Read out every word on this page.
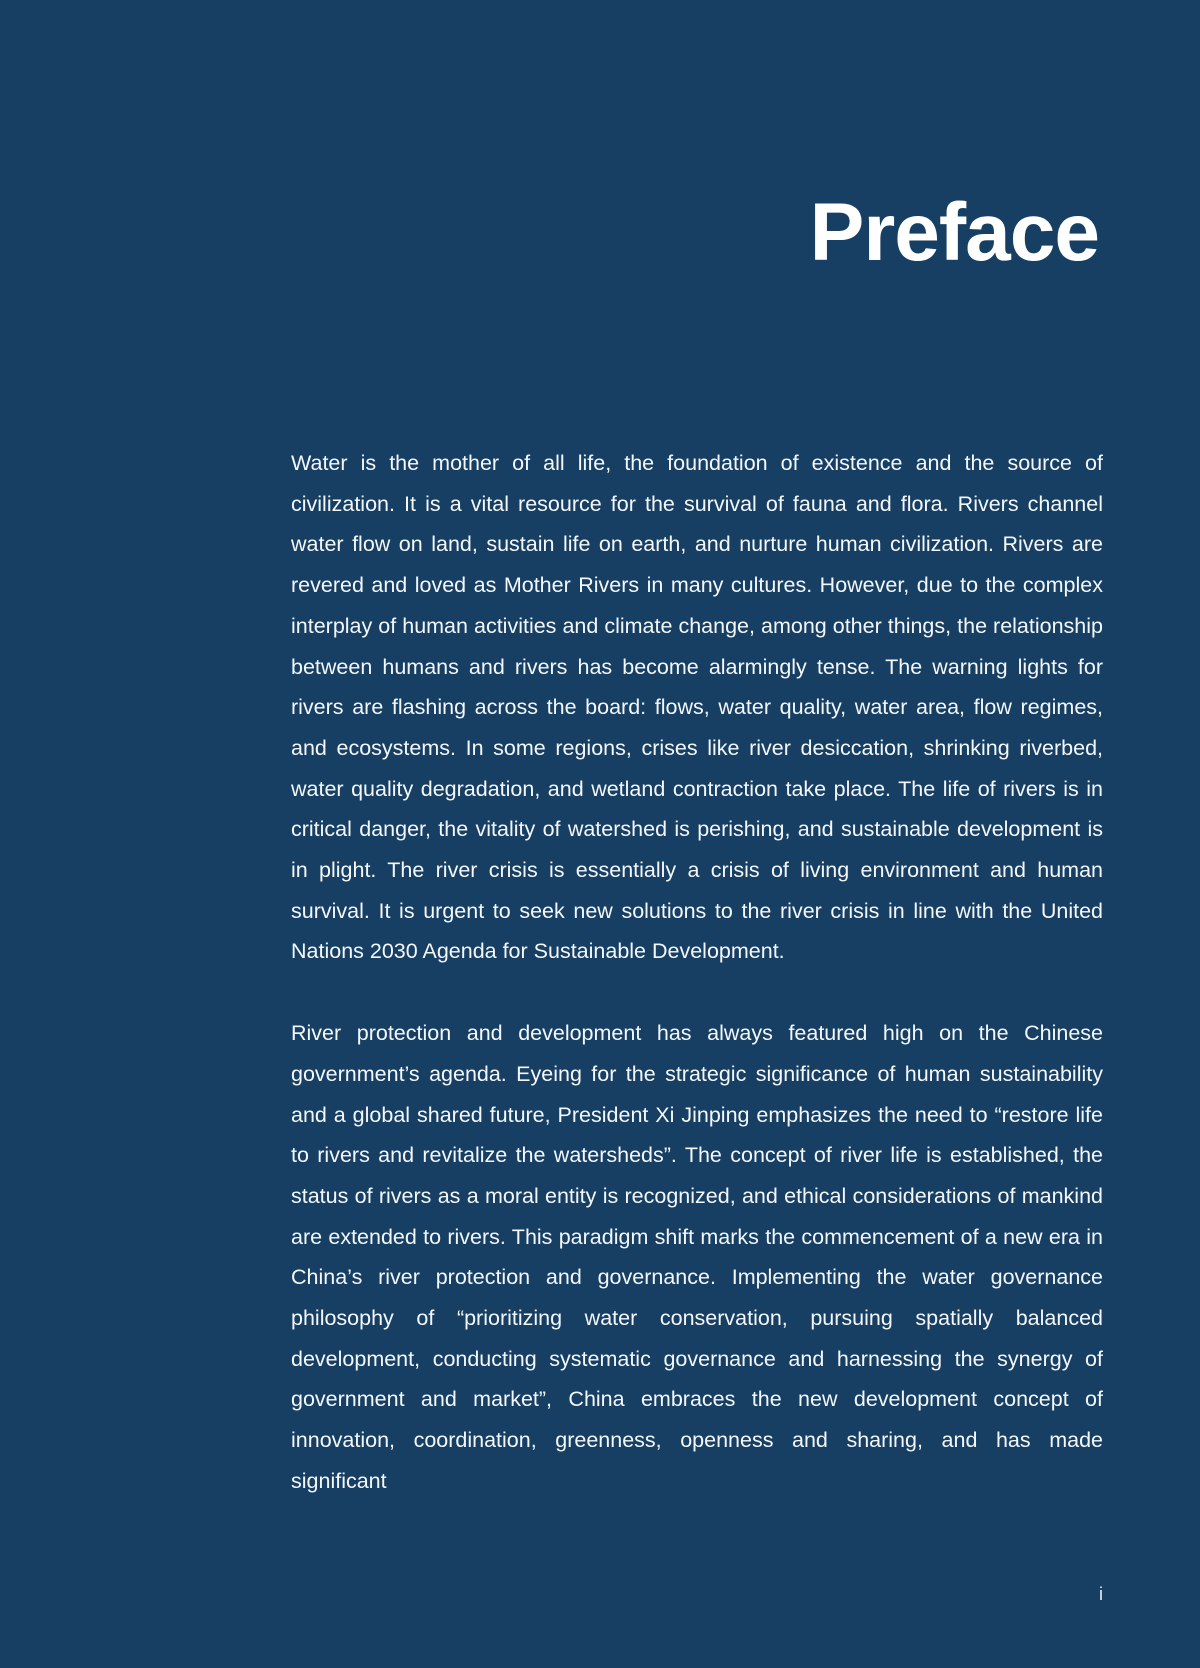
Preface

Water is the mother of all life, the foundation of existence and the source of civilization. It is a vital resource for the survival of fauna and flora. Rivers channel water flow on land, sustain life on earth, and nurture human civilization. Rivers are revered and loved as Mother Rivers in many cultures. However, due to the complex interplay of human activities and climate change, among other things, the relationship between humans and rivers has become alarmingly tense. The warning lights for rivers are flashing across the board: flows, water quality, water area, flow regimes, and ecosystems. In some regions, crises like river desiccation, shrinking riverbed, water quality degradation, and wetland contraction take place. The life of rivers is in critical danger, the vitality of watershed is perishing, and sustainable development is in plight. The river crisis is essentially a crisis of living environment and human survival. It is urgent to seek new solutions to the river crisis in line with the United Nations 2030 Agenda for Sustainable Development.

River protection and development has always featured high on the Chinese government’s agenda. Eyeing for the strategic significance of human sustainability and a global shared future, President Xi Jinping emphasizes the need to “restore life to rivers and revitalize the watersheds”. The concept of river life is established, the status of rivers as a moral entity is recognized, and ethical considerations of mankind are extended to rivers. This paradigm shift marks the commencement of a new era in China’s river protection and governance. Implementing the water governance philosophy of “prioritizing water conservation, pursuing spatially balanced development, conducting systematic governance and harnessing the synergy of government and market”, China embraces the new development concept of innovation, coordination, greenness, openness and sharing, and has made significant

i
